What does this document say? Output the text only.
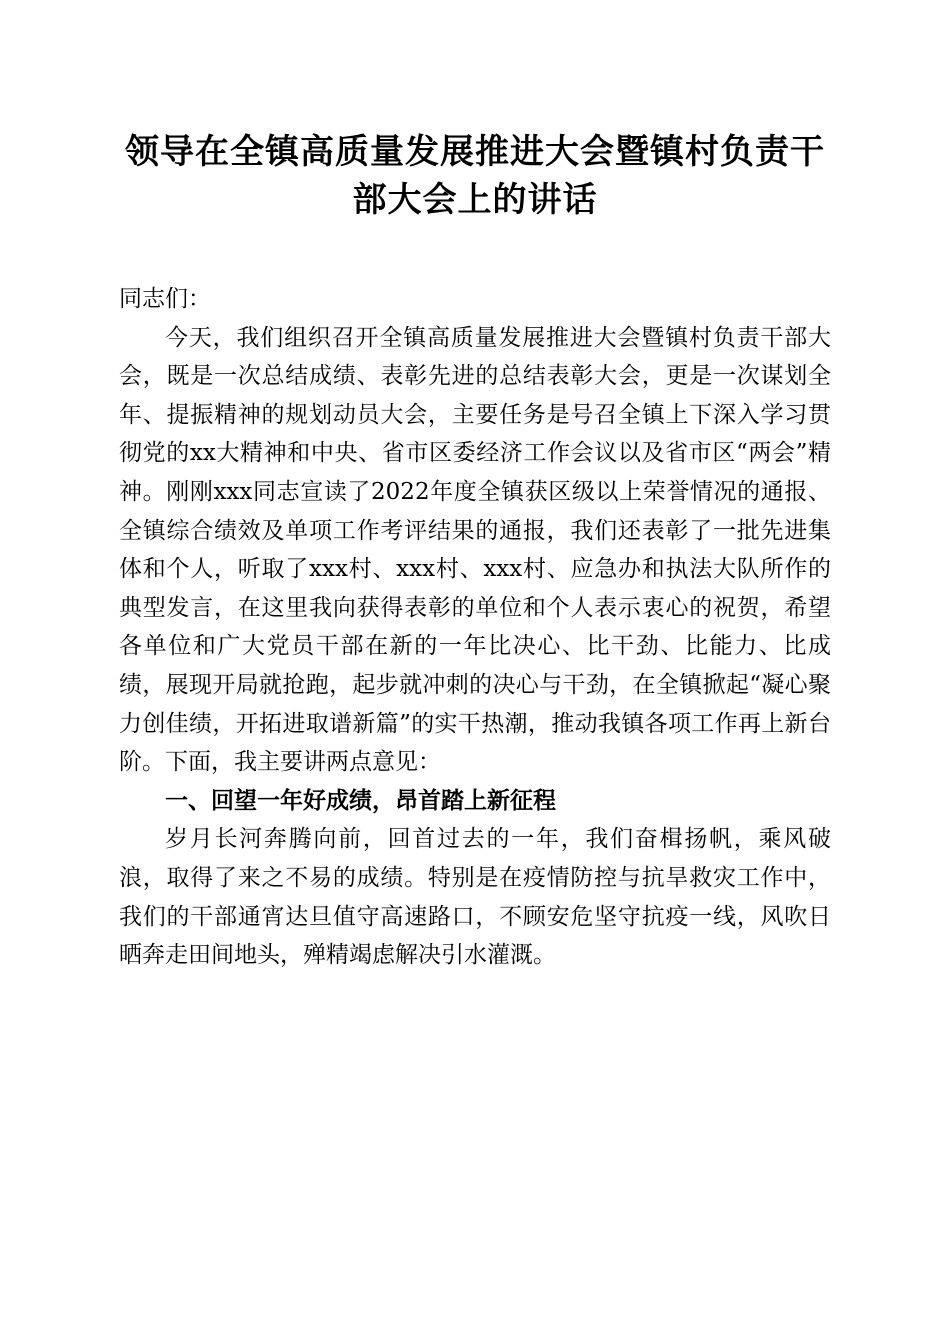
领导在全镇高质量发展推进大会暨镇村负责干部大会上的讲话

同志们：

今天，我们组织召开全镇高质量发展推进大会暨镇村负责干部大会，既是一次总结成绩、表彰先进的总结表彰大会，更是一次谋划全年、提振精神的规划动员大会，主要任务是号召全镇上下深入学习贯彻党的xx大精神和中央、省市区委经济工作会议以及省市区“两会”精神。刚刚xxx同志宣读了2022年度全镇获区级以上荣誉情况的通报、全镇综合绩效及单项工作考评结果的通报，我们还表彰了一批先进集体和个人，听取了xxx村、xxx村、xxx村、应急办和执法大队所作的典型发言，在这里我向获得表彰的单位和个人表示衷心的祝贺，希望各单位和广大党员干部在新的一年比决心、比干劲、比能力、比成绩，展现开局就抢跑，起步就冲刺的决心与干劲，在全镇掀起“凝心聚力创佳绩，开拓进取谱新篇”的实干热潮，推动我镇各项工作再上新台阶。下面，我主要讲两点意见：

一、回望一年好成绩，昂首踏上新征程

岁月长河奔腾向前，回首过去的一年，我们奋楫扬帆，乘风破浪，取得了来之不易的成绩。特别是在疫情防控与抗旱救灾工作中，我们的干部通宵达旦值守高速路口，不顾安危坚守抗疫一线，风吹日晒奔走田间地头，殚精竭虑解决引水灌溉。
